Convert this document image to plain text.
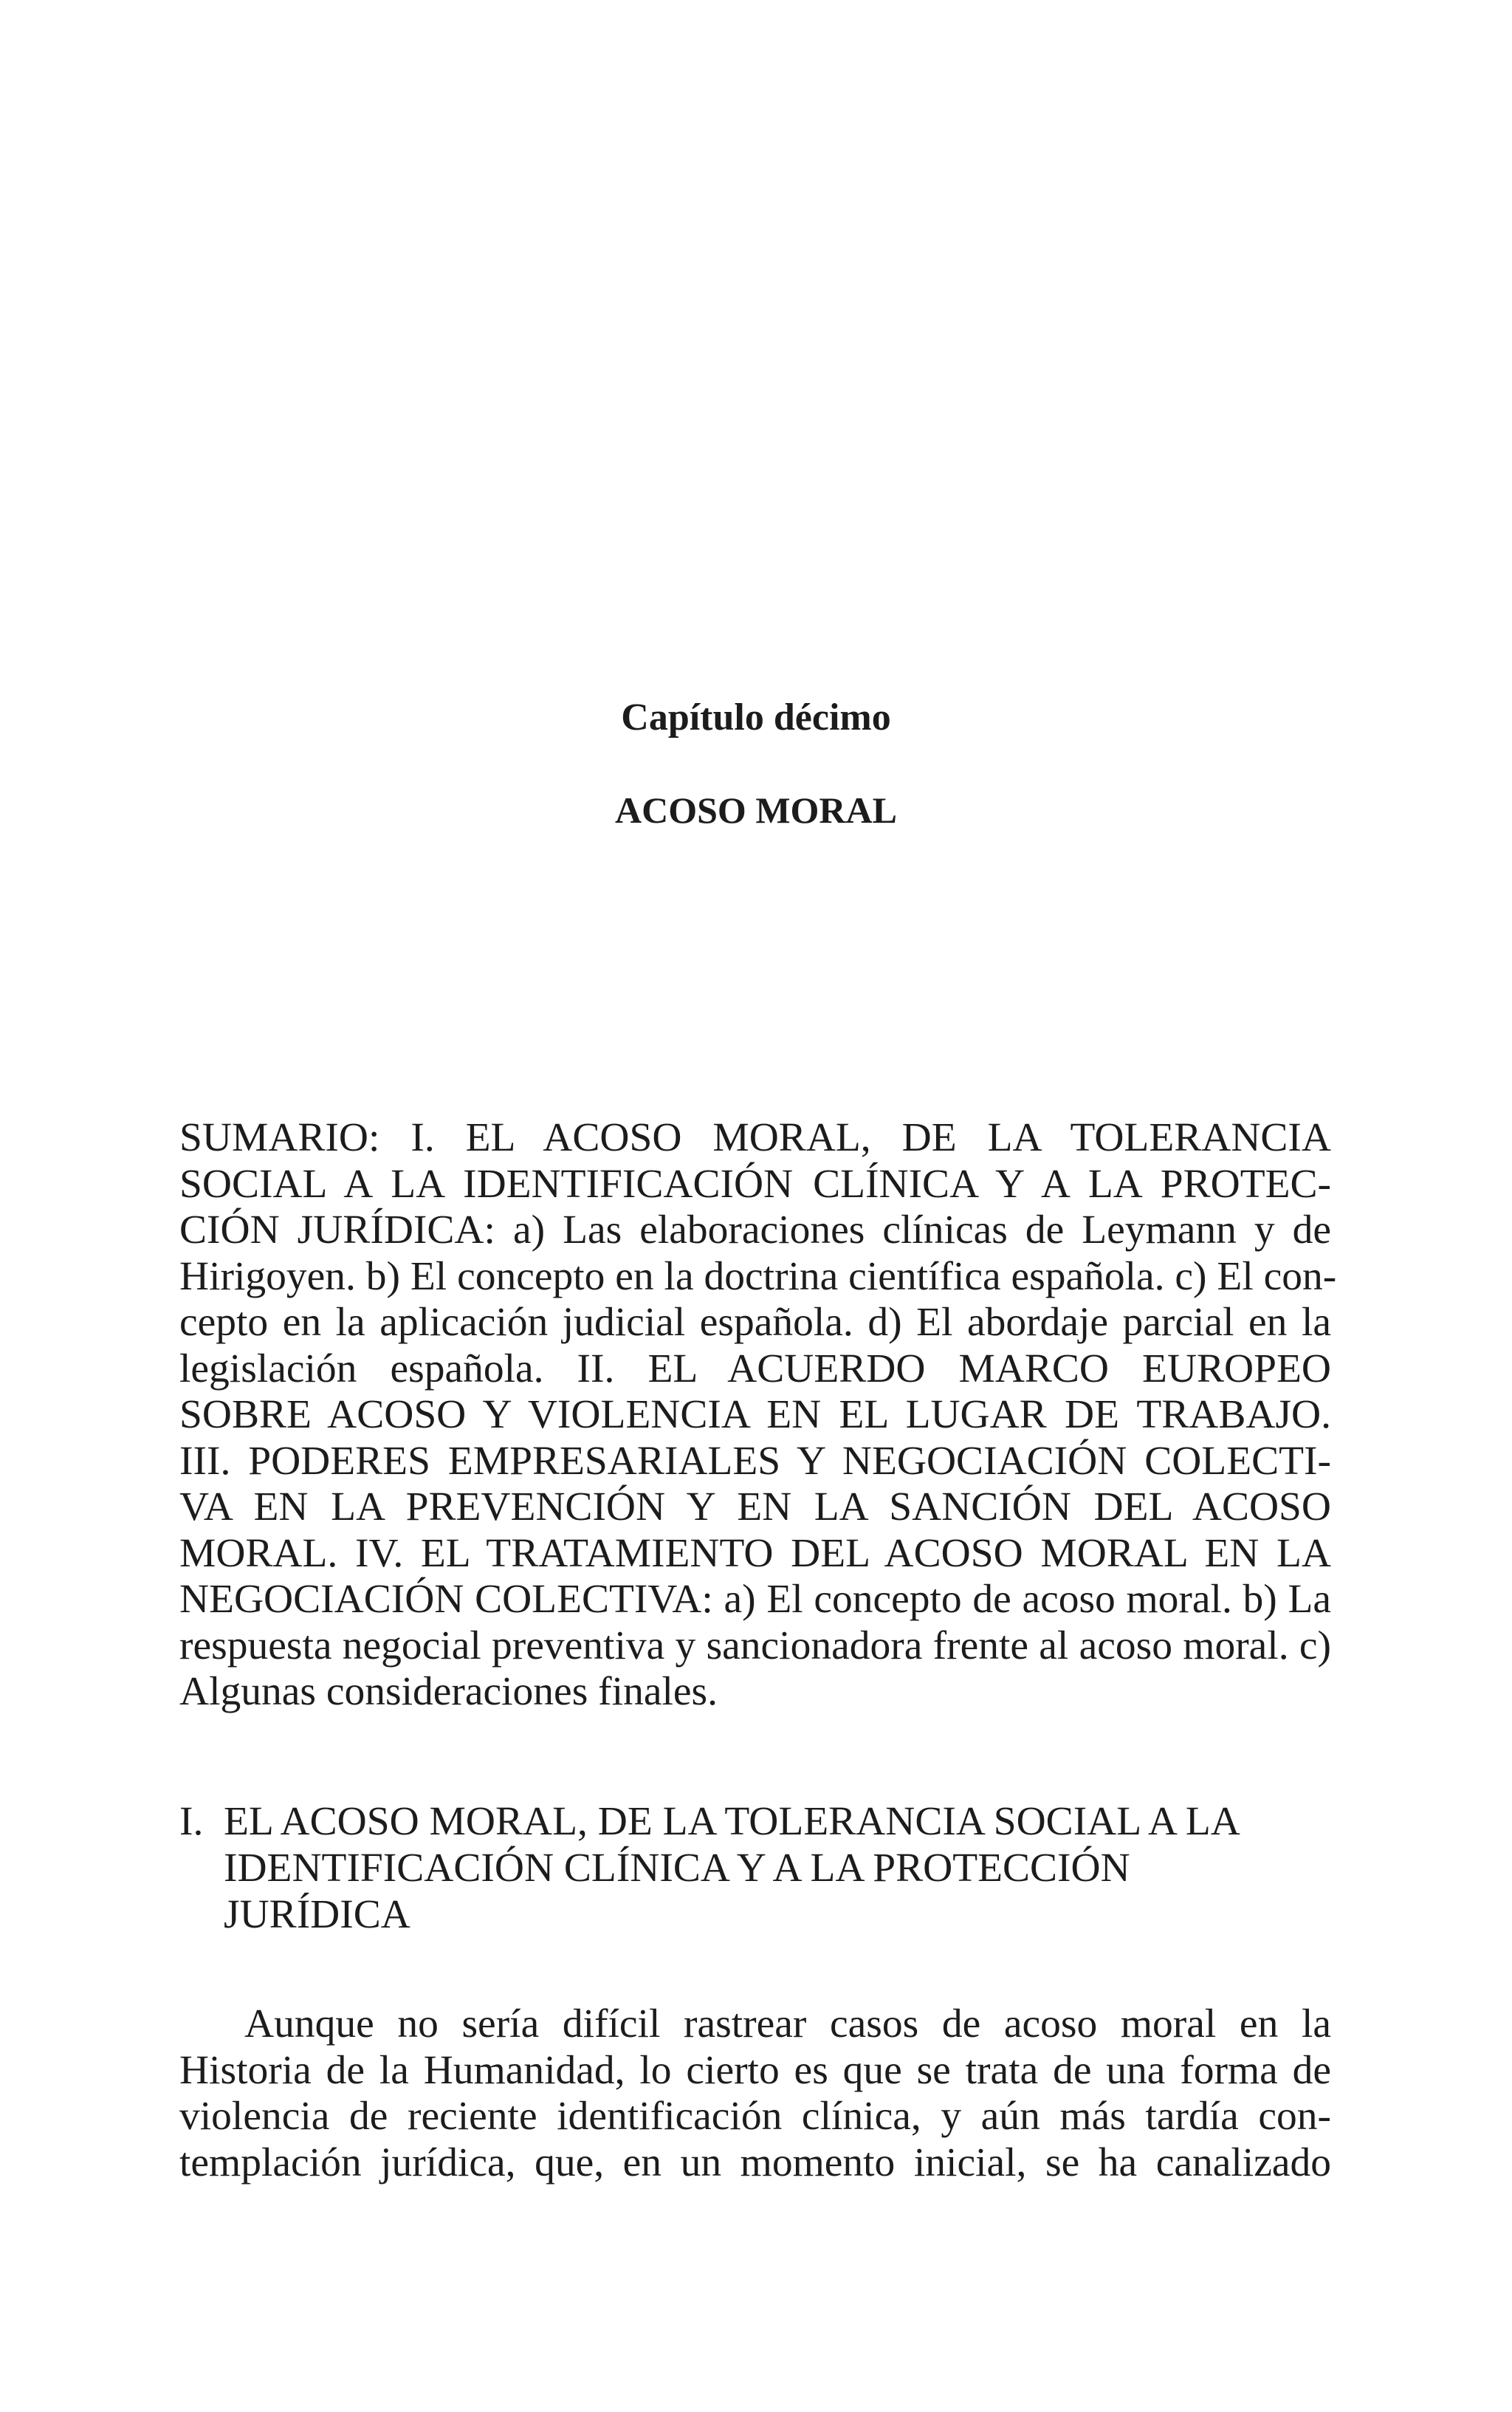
Capítulo décimo
ACOSO MORAL
SUMARIO: I. EL ACOSO MORAL, DE LA TOLERANCIA
SOCIAL A LA IDENTIFICACIÓN CLÍNICA Y A LA PROTEC-
CIÓN JURÍDICA: a) Las elaboraciones clínicas de Leymann y de
Hirigoyen. b) El concepto en la doctrina científica española. c) El con-
cepto en la aplicación judicial española. d) El abordaje parcial en la
legislación española. II. EL ACUERDO MARCO EUROPEO
SOBRE ACOSO Y VIOLENCIA EN EL LUGAR DE TRABAJO.
III. PODERES EMPRESARIALES Y NEGOCIACIÓN COLECTI-
VA EN LA PREVENCIÓN Y EN LA SANCIÓN DEL ACOSO
MORAL. IV. EL TRATAMIENTO DEL ACOSO MORAL EN LA
NEGOCIACIÓN COLECTIVA: a) El concepto de acoso moral. b) La
respuesta negocial preventiva y sancionadora frente al acoso moral. c)
Algunas consideraciones finales.
I. EL ACOSO MORAL, DE LA TOLERANCIA SOCIAL A LA
IDENTIFICACIÓN CLÍNICA Y A LA PROTECCIÓN
JURÍDICA
Aunque no sería difícil rastrear casos de acoso moral en la
Historia de la Humanidad, lo cierto es que se trata de una forma de
violencia de reciente identificación clínica, y aún más tardía con-
templación jurídica, que, en un momento inicial, se ha canalizado
